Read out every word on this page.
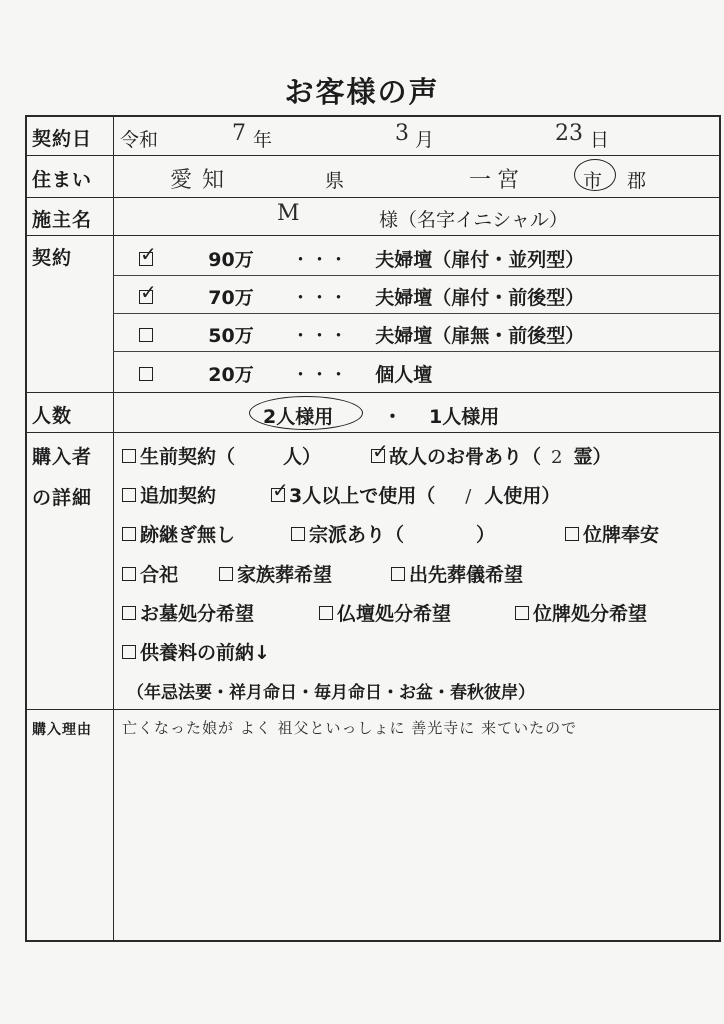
お客様の声
契約日 令和	7 年	3 月	23 日
住まい	愛知	県	一宮	市 郡
施主名	M	様（名字イニシャル）
契約	✓	90万 ・・・ 夫婦壇（扉付・並列型）
✓	70万 ・・・ 夫婦壇（扉付・前後型）
50万 ・・・ 夫婦壇（扉無・前後型）
20万 ・・・ 個人壇
人数	2人様用	・ 1人様用
購入者
の詳細
生前契約（	人）	✓ 故人のお骨あり（ 2 霊）
追加契約	✓ 3人以上で使用（ / 人使用）
跡継ぎ無し	宗派あり（	）	位牌奉安
合祀	家族葬希望	出先葬儀希望
お墓処分希望	仏壇処分希望	位牌処分希望
供養料の前納↓
（年忌法要・祥月命日・毎月命日・お盆・春秋彼岸）
購入理由 亡くなった娘が よく 祖父といっしょに 善光寺に 来ていたので
